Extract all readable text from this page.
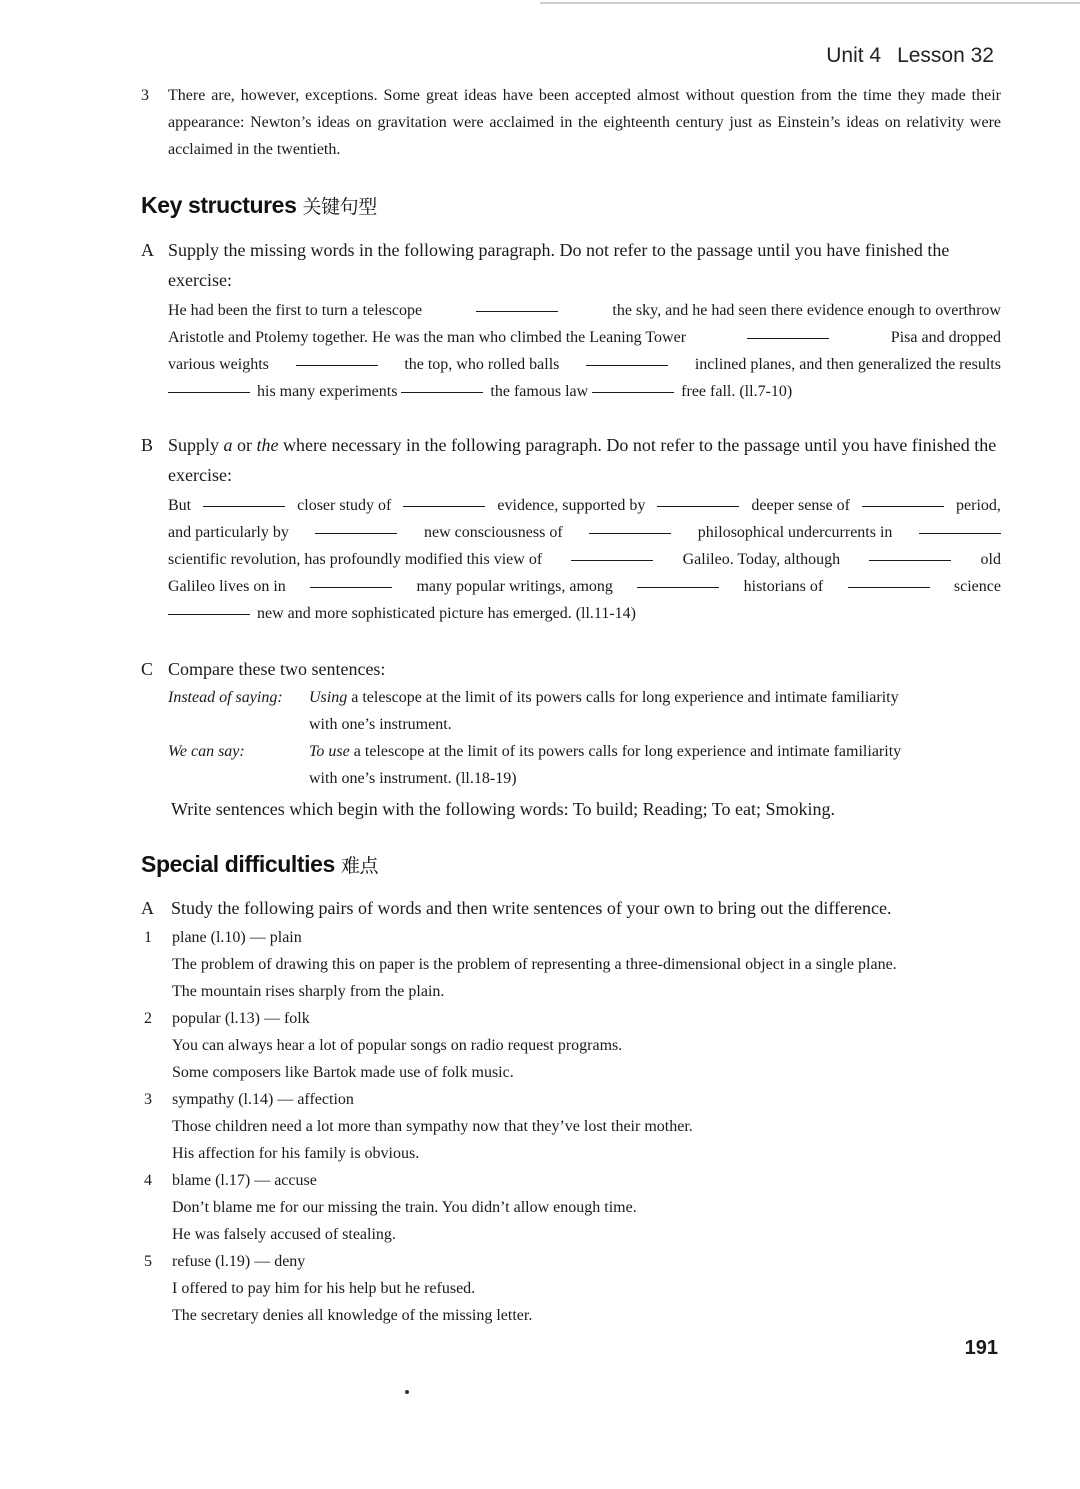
Unit 4 Lesson 32
3 There are, however, exceptions. Some great ideas have been accepted almost without question from the time they made their appearance: Newton’s ideas on gravitation were acclaimed in the eighteenth century just as Einstein’s ideas on relativity were acclaimed in the twentieth.
Key structures 关键句型
A Supply the missing words in the following paragraph. Do not refer to the passage until you have finished the exercise:
He had been the first to turn a telescope	the sky, and he had seen there evidence enough to overthrow
Aristotle and Ptolemy together. He was the man who climbed the Leaning Tower	Pisa and dropped
various weights	the top, who rolled balls	inclined planes, and then generalized the results
his many experiments	the famous law	free fall. (ll.7-10)
B Supply a or the where necessary in the following paragraph. Do not refer to the passage until you have finished the exercise:
But	closer study of	evidence, supported by	deeper sense of	period,
and particularly by	new consciousness of	philosophical undercurrents in
scientific revolution, has profoundly modified this view of	Galileo. Today, although	old
Galileo lives on in	many popular writings, among	historians of	science
new and more sophisticated picture has emerged. (ll.11-14)
C Compare these two sentences:
Instead of saying:	Using a telescope at the limit of its powers calls for long experience and intimate familiarity
with one’s instrument.
We can say:	To use a telescope at the limit of its powers calls for long experience and intimate familiarity
with one’s instrument. (ll.18-19)
Write sentences which begin with the following words: To build; Reading; To eat; Smoking.
Special difficulties 难点
A Study the following pairs of words and then write sentences of your own to bring out the difference.
1 plane (l.10) — plain
The problem of drawing this on paper is the problem of representing a three-dimensional object in a single plane.
The mountain rises sharply from the plain.
2 popular (l.13) — folk
You can always hear a lot of popular songs on radio request programs.
Some composers like Bartok made use of folk music.
3 sympathy (l.14) — affection
Those children need a lot more than sympathy now that they’ve lost their mother.
His affection for his family is obvious.
4 blame (l.17) — accuse
Don’t blame me for our missing the train. You didn’t allow enough time.
He was falsely accused of stealing.
5 refuse (l.19) — deny
I offered to pay him for his help but he refused.
The secretary denies all knowledge of the missing letter.
191
